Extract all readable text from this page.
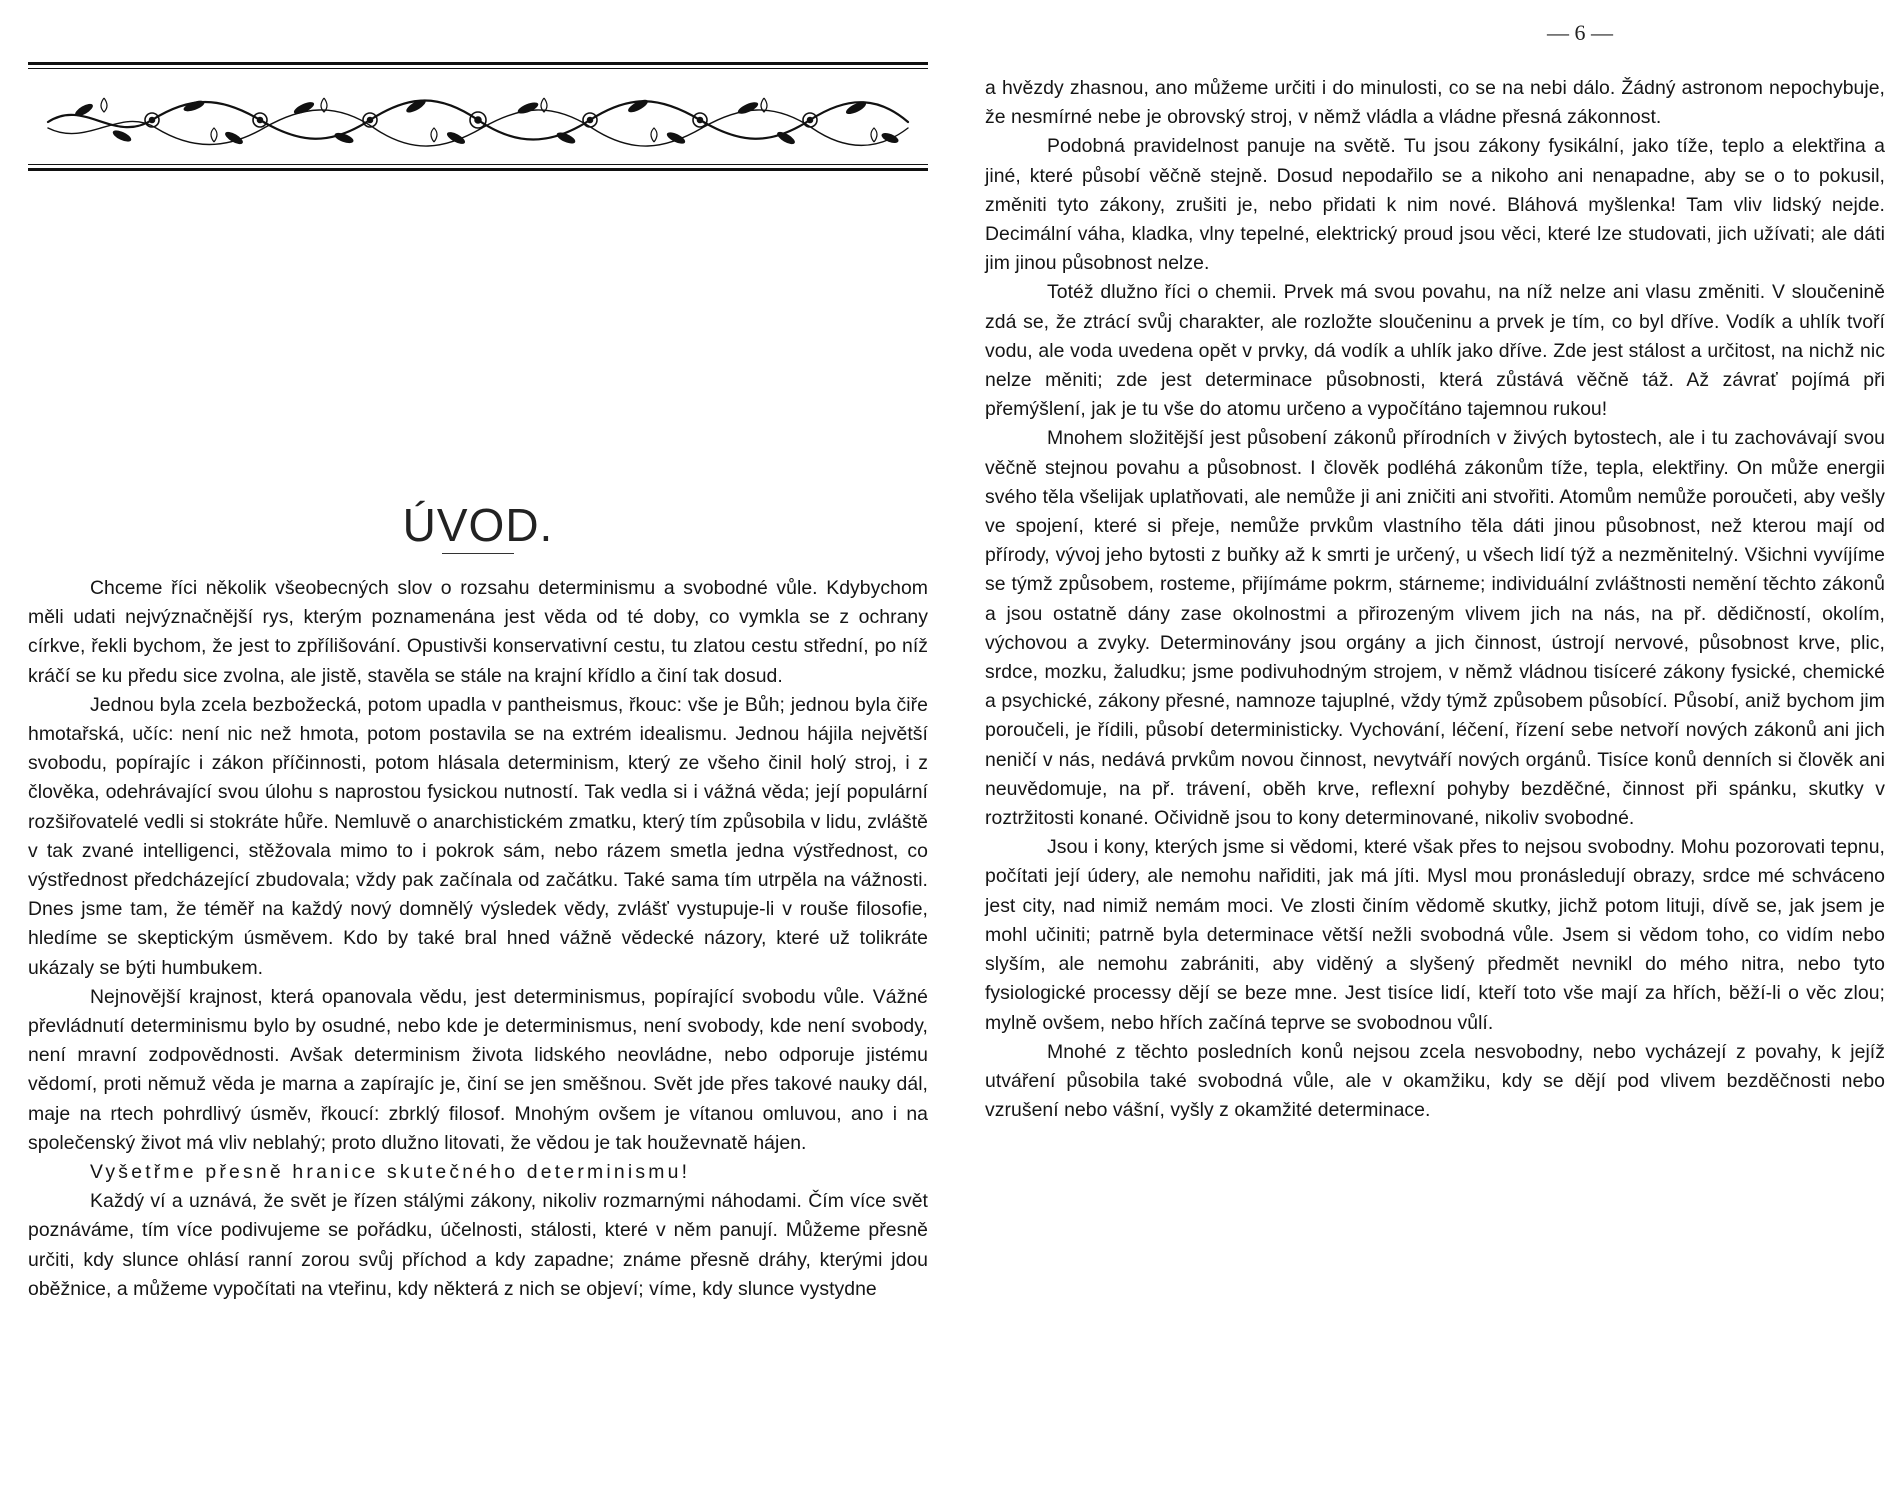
ÚVOD.

Chceme říci několik všeobecných slov o rozsahu determinismu a svobodné vůle. Kdybychom měli udati nejvýznačnější rys, kterým poznamenána jest věda od té doby, co vymkla se z ochrany církve, řekli bychom, že jest to zpřílišování. Opustivši konservativní cestu, tu zlatou cestu střední, po níž kráčí se ku předu sice zvolna, ale jistě, stavěla se stále na krajní křídlo a činí tak dosud.

Jednou byla zcela bezbožecká, potom upadla v pantheismus, řkouc: vše je Bůh; jednou byla čiře hmotařská, učíc: není nic než hmota, potom postavila se na extrém idealismu. Jednou hájila největší svobodu, popírajíc i zákon příčinnosti, potom hlásala determinism, který ze všeho činil holý stroj, i z člověka, odehrávající svou úlohu s naprostou fysickou nutností. Tak vedla si i vážná věda; její populární rozšiřovatelé vedli si stokráte hůře. Nemluvě o anarchistickém zmatku, který tím způsobila v lidu, zvláště v tak zvané intelligenci, stěžovala mimo to i pokrok sám, nebo rázem smetla jedna výstřednost, co výstřednost předcházející zbudovala; vždy pak začínala od začátku. Také sama tím utrpěla na vážnosti. Dnes jsme tam, že téměř na každý nový domnělý výsledek vědy, zvlášť vystupuje-li v rouše filosofie, hledíme se skeptickým úsměvem. Kdo by také bral hned vážně vědecké názory, které už tolikráte ukázaly se býti humbukem.

Nejnovější krajnost, která opanovala vědu, jest determinismus, popírající svobodu vůle. Vážné převládnutí determinismu bylo by osudné, nebo kde je determinismus, není svobody, kde není svobody, není mravní zodpovědnosti. Avšak determinism života lidského neovládne, nebo odporuje jistému vědomí, proti němuž věda je marna a zapírajíc je, činí se jen směšnou. Svět jde přes takové nauky dál, maje na rtech pohrdlivý úsměv, řkoucí: zbrklý filosof. Mnohým ovšem je vítanou omluvou, ano i na společenský život má vliv neblahý; proto dlužno litovati, že vědou je tak houževnatě hájen.

Vyšetřme přesně hranice skutečného determinismu!

Každý ví a uznává, že svět je řízen stálými zákony, nikoliv rozmarnými náhodami. Čím více svět poznáváme, tím více podivujeme se pořádku, účelnosti, stálosti, které v něm panují. Můžeme přesně určiti, kdy slunce ohlásí ranní zorou svůj příchod a kdy zapadne; známe přesně dráhy, kterými jdou oběžnice, a můžeme vypočítati na vteřinu, kdy některá z nich se objeví; víme, kdy slunce vystydne

— 6 —

a hvězdy zhasnou, ano můžeme určiti i do minulosti, co se na nebi dálo. Žádný astronom nepochybuje, že nesmírné nebe je obrovský stroj, v němž vládla a vládne přesná zákonnost.

Podobná pravidelnost panuje na světě. Tu jsou zákony fysikální, jako tíže, teplo a elektřina a jiné, které působí věčně stejně. Dosud nepodařilo se a nikoho ani nenapadne, aby se o to pokusil, změniti tyto zákony, zrušiti je, nebo přidati k nim nové. Bláhová myšlenka! Tam vliv lidský nejde. Decimální váha, kladka, vlny tepelné, elektrický proud jsou věci, které lze studovati, jich užívati; ale dáti jim jinou působnost nelze.

Totéž dlužno říci o chemii. Prvek má svou povahu, na níž nelze ani vlasu změniti. V sloučenině zdá se, že ztrácí svůj charakter, ale rozložte sloučeninu a prvek je tím, co byl dříve. Vodík a uhlík tvoří vodu, ale voda uvedena opět v prvky, dá vodík a uhlík jako dříve. Zde jest stálost a určitost, na nichž nic nelze měniti; zde jest determinace působnosti, která zůstává věčně táž. Až závrať pojímá při přemýšlení, jak je tu vše do atomu určeno a vypočítáno tajemnou rukou!

Mnohem složitější jest působení zákonů přírodních v živých bytostech, ale i tu zachovávají svou věčně stejnou povahu a působnost. I člověk podléhá zákonům tíže, tepla, elektřiny. On může energii svého těla všelijak uplatňovati, ale nemůže ji ani zničiti ani stvořiti. Atomům nemůže poroučeti, aby vešly ve spojení, které si přeje, nemůže prvkům vlastního těla dáti jinou působnost, než kterou mají od přírody, vývoj jeho bytosti z buňky až k smrti je určený, u všech lidí týž a nezměnitelný. Všichni vyvíjíme se týmž způsobem, rosteme, přijímáme pokrm, stárneme; individuální zvláštnosti nemění těchto zákonů a jsou ostatně dány zase okolnostmi a přirozeným vlivem jich na nás, na př. dědičností, okolím, výchovou a zvyky. Determinovány jsou orgány a jich činnost, ústrojí nervové, působnost krve, plic, srdce, mozku, žaludku; jsme podivuhodným strojem, v němž vládnou tisíceré zákony fysické, chemické a psychické, zákony přesné, namnoze tajuplné, vždy týmž způsobem působící. Působí, aniž bychom jim poroučeli, je řídili, působí deterministicky. Vychování, léčení, řízení sebe netvoří nových zákonů ani jich neničí v nás, nedává prvkům novou činnost, nevytváří nových orgánů. Tisíce konů denních si člověk ani neuvědomuje, na př. trávení, oběh krve, reflexní pohyby bezděčné, činnost při spánku, skutky v roztržitosti konané. Očividně jsou to kony determinované, nikoliv svobodné.

Jsou i kony, kterých jsme si vědomi, které však přes to nejsou svobodny. Mohu pozorovati tepnu, počítati její údery, ale nemohu nařiditi, jak má jíti. Mysl mou pronásledují obrazy, srdce mé schváceno jest city, nad nimiž nemám moci. Ve zlosti činím vědomě skutky, jichž potom lituji, dívě se, jak jsem je mohl učiniti; patrně byla determinace větší nežli svobodná vůle. Jsem si vědom toho, co vidím nebo slyším, ale nemohu zabrániti, aby viděný a slyšený předmět nevnikl do mého nitra, nebo tyto fysiologické processy dějí se beze mne. Jest tisíce lidí, kteří toto vše mají za hřích, běží-li o věc zlou; mylně ovšem, nebo hřích začíná teprve se svobodnou vůlí.

Mnohé z těchto posledních konů nejsou zcela nesvobodny, nebo vycházejí z povahy, k jejíž utváření působila také svobodná vůle, ale v okamžiku, kdy se dějí pod vlivem bezděčnosti nebo vzrušení nebo vášní, vyšly z okamžité determinace.
